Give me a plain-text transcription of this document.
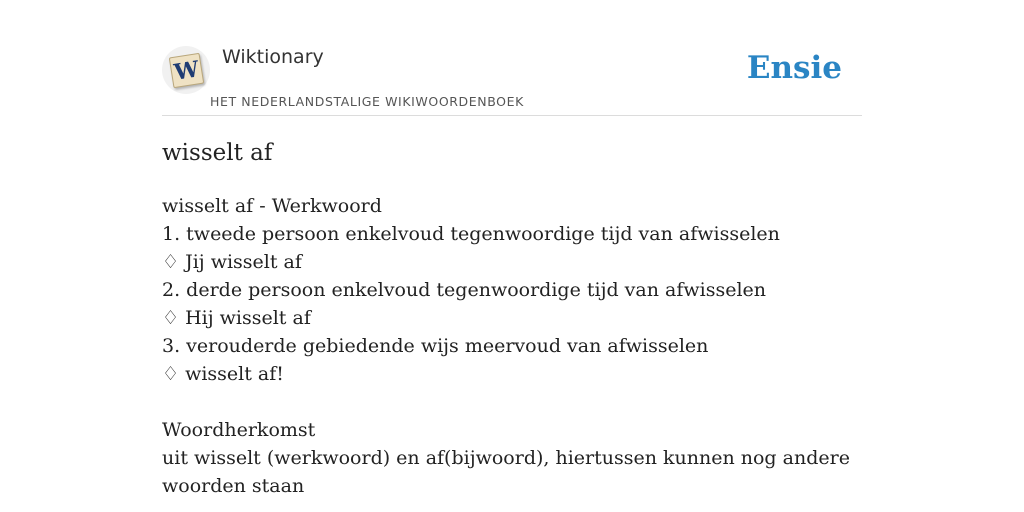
W Wiktionary
HET NEDERLANDSTALIGE WIKIWOORDENBOEK
Ensie
wisselt af
wisselt af - Werkwoord
1. tweede persoon enkelvoud tegenwoordige tijd van afwisselen
♢ Jij wisselt af
2. derde persoon enkelvoud tegenwoordige tijd van afwisselen
♢ Hij wisselt af
3. verouderde gebiedende wijs meervoud van afwisselen
♢ wisselt af!
Woordherkomst
uit wisselt (werkwoord) en af(bijwoord), hiertussen kunnen nog andere woorden staan
